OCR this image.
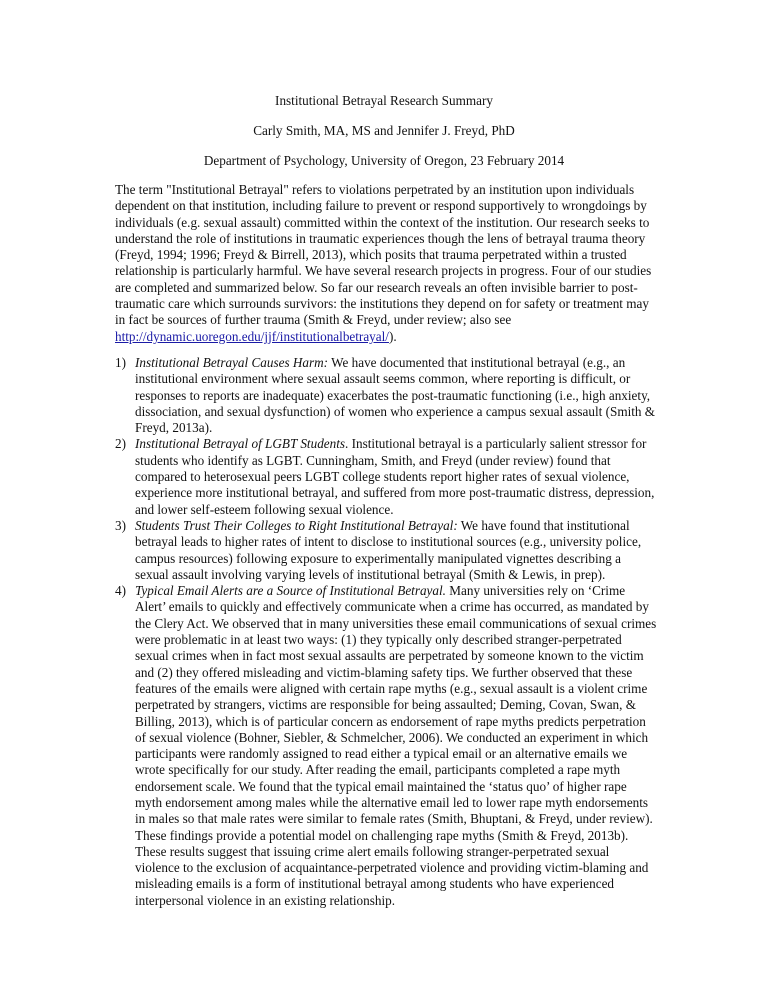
Institutional Betrayal Research Summary
Carly Smith, MA, MS and Jennifer J. Freyd, PhD
Department of Psychology, University of Oregon, 23 February 2014

The term "Institutional Betrayal" refers to violations perpetrated by an institution upon individuals dependent on that institution, including failure to prevent or respond supportively to wrongdoings by individuals (e.g. sexual assault) committed within the context of the institution. Our research seeks to understand the role of institutions in traumatic experiences though the lens of betrayal trauma theory (Freyd, 1994; 1996; Freyd & Birrell, 2013), which posits that trauma perpetrated within a trusted relationship is particularly harmful. We have several research projects in progress. Four of our studies are completed and summarized below. So far our research reveals an often invisible barrier to post-traumatic care which surrounds survivors: the institutions they depend on for safety or treatment may in fact be sources of further trauma (Smith & Freyd, under review; also see http://dynamic.uoregon.edu/jjf/institutionalbetrayal/).

1) Institutional Betrayal Causes Harm: We have documented that institutional betrayal (e.g., an institutional environment where sexual assault seems common, where reporting is difficult, or responses to reports are inadequate) exacerbates the post-traumatic functioning (i.e., high anxiety, dissociation, and sexual dysfunction) of women who experience a campus sexual assault (Smith & Freyd, 2013a).
2) Institutional Betrayal of LGBT Students. Institutional betrayal is a particularly salient stressor for students who identify as LGBT. Cunningham, Smith, and Freyd (under review) found that compared to heterosexual peers LGBT college students report higher rates of sexual violence, experience more institutional betrayal, and suffered from more post-traumatic distress, depression, and lower self-esteem following sexual violence.
3) Students Trust Their Colleges to Right Institutional Betrayal: We have found that institutional betrayal leads to higher rates of intent to disclose to institutional sources (e.g., university police, campus resources) following exposure to experimentally manipulated vignettes describing a sexual assault involving varying levels of institutional betrayal (Smith & Lewis, in prep).
4) Typical Email Alerts are a Source of Institutional Betrayal. Many universities rely on ‘Crime Alert’ emails to quickly and effectively communicate when a crime has occurred, as mandated by the Clery Act. We observed that in many universities these email communications of sexual crimes were problematic in at least two ways: (1) they typically only described stranger-perpetrated sexual crimes when in fact most sexual assaults are perpetrated by someone known to the victim and (2) they offered misleading and victim-blaming safety tips. We further observed that these features of the emails were aligned with certain rape myths (e.g., sexual assault is a violent crime perpetrated by strangers, victims are responsible for being assaulted; Deming, Covan, Swan, & Billing, 2013), which is of particular concern as endorsement of rape myths predicts perpetration of sexual violence (Bohner, Siebler, & Schmelcher, 2006). We conducted an experiment in which participants were randomly assigned to read either a typical email or an alternative emails we wrote specifically for our study. After reading the email, participants completed a rape myth endorsement scale. We found that the typical email maintained the ‘status quo’ of higher rape myth endorsement among males while the alternative email led to lower rape myth endorsements in males so that male rates were similar to female rates (Smith, Bhuptani, & Freyd, under review). These findings provide a potential model on challenging rape myths (Smith & Freyd, 2013b). These results suggest that issuing crime alert emails following stranger-perpetrated sexual violence to the exclusion of acquaintance-perpetrated violence and providing victim-blaming and misleading emails is a form of institutional betrayal among students who have experienced interpersonal violence in an existing relationship.
